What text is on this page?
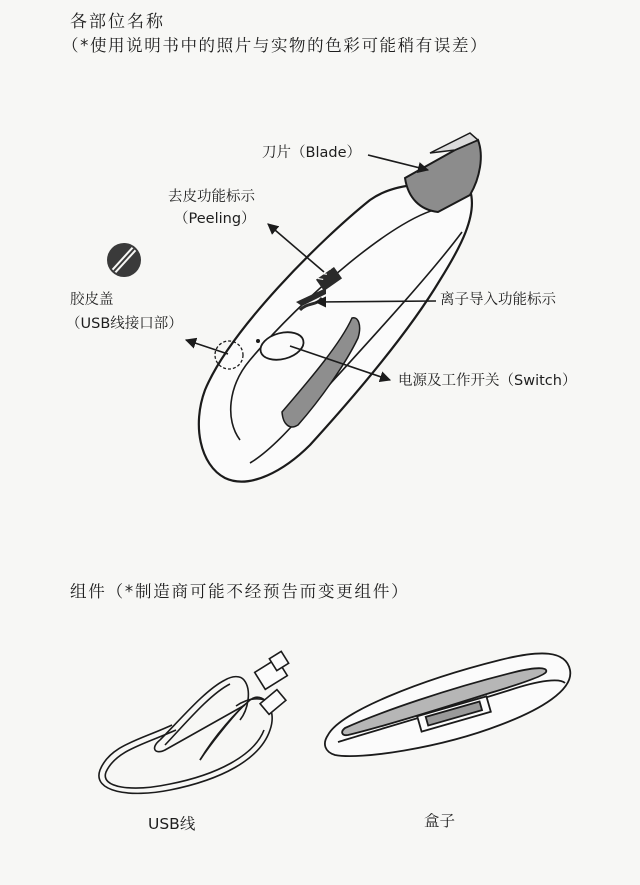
各部位名称
（*使用说明书中的照片与实物的色彩可能稍有误差）
刀片（Blade）
去皮功能标示
（Peeling）
胶皮盖
（USB线接口部）
离子导入功能标示
电源及工作开关（Switch）
组件（*制造商可能不经预告而变更组件）
USB线	盒子
